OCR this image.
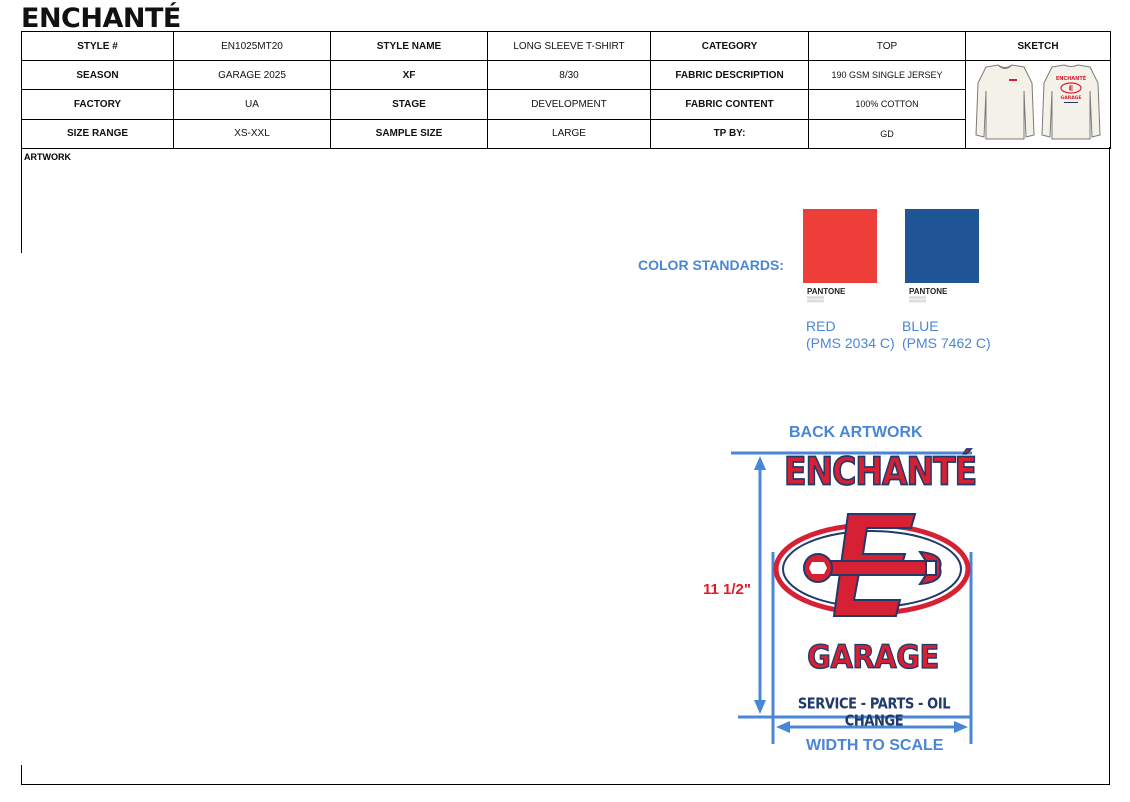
ENCHANTÉ
STYLE #	EN1025MT20	STYLE NAME	LONG SLEEVE T-SHIRT	CATEGORY	TOP	SKETCH
SEASON	GARAGE 2025	XF	8/30	FABRIC DESCRIPTION	190 GSM SINGLE JERSEY	ENCHANTÉ
E
GARAGE

FACTORY	UA	STAGE	DEVELOPMENT	FABRIC CONTENT	100% COTTON	
SIZE RANGE	XS-XXL	SAMPLE SIZE	LARGE	TP BY:	GD	
ARTWORK
COLOR STANDARDS:
PANTONE
▒▒▒▒
RED
(PMS 2034 C)
PANTONE
▒▒▒▒
BLUE
(PMS 7462 C)
BACK ARTWORK
ENCHANTÉ
GARAGE
SERVICE - PARTS - OIL CHANGE
11 1/2"
WIDTH TO SCALE
